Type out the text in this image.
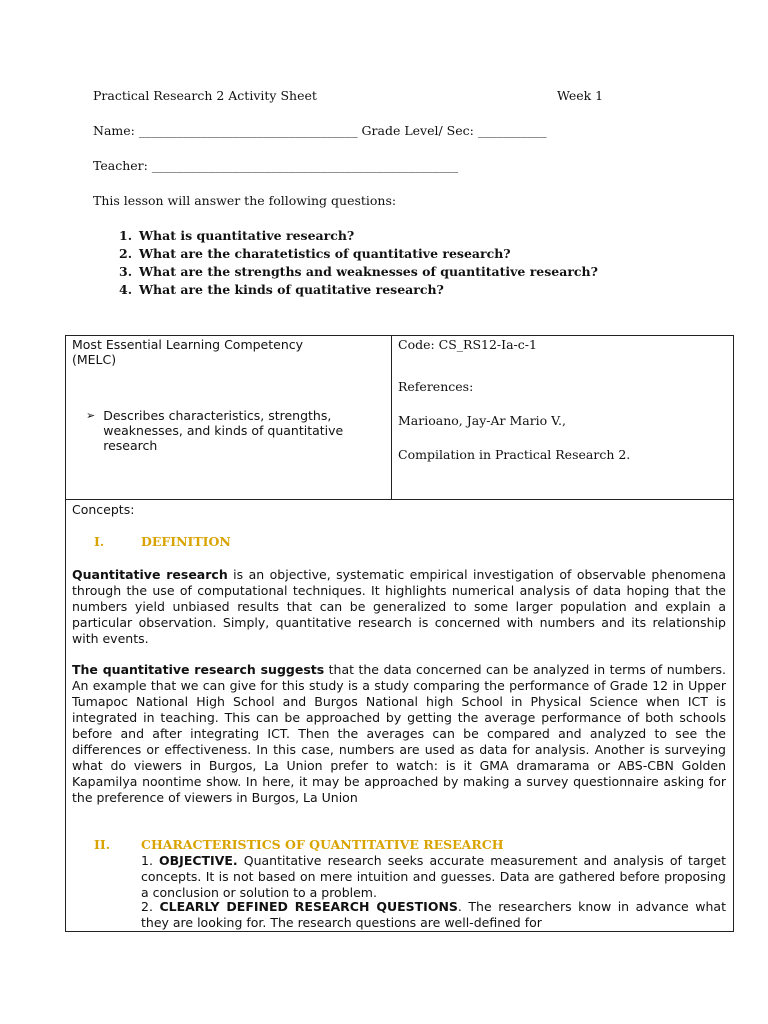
Practical Research 2 Activity Sheet	Week 1
Name: ___________________________________ Grade Level/ Sec: ___________
Teacher: _________________________________________________
This lesson will answer the following questions:
1. What is quantitative research?
2. What are the charatetistics of quantitative research?
3. What are the strengths and weaknesses of quantitative research?
4. What are the kinds of quatitative research?
Most Essential Learning Competency
(MELC)
➢ Describes characteristics, strengths, weaknesses, and kinds of quantitative research

Code: CS_RS12-Ia-c-1
References:
Marioano, Jay-Ar Mario V.,
Compilation in Practical Research 2.
Concepts:
I.	DEFINITION
Quantitative research is an objective, systematic empirical investigation of observable phenomena through the use of computational techniques. It highlights numerical analysis of data hoping that the numbers yield unbiased results that can be generalized to some larger population and explain a particular observation. Simply, quantitative research is concerned with numbers and its relationship with events.
The quantitative research suggests that the data concerned can be analyzed in terms of numbers. An example that we can give for this study is a study comparing the performance of Grade 12 in Upper Tumapoc National High School and Burgos National high School in Physical Science when ICT is integrated in teaching. This can be approached by getting the average performance of both schools before and after integrating ICT. Then the averages can be compared and analyzed to see the differences or effectiveness. In this case, numbers are used as data for analysis. Another is surveying what do viewers in Burgos, La Union prefer to watch: is it GMA dramarama or ABS-CBN Golden Kapamilya noontime show. In here, it may be approached by making a survey questionnaire asking for the preference of viewers in Burgos, La Union
II. CHARACTERISTICS OF QUANTITATIVE RESEARCH
1. OBJECTIVE. Quantitative research seeks accurate measurement and analysis of target concepts. It is not based on mere intuition and guesses. Data are gathered before proposing a conclusion or solution to a problem.
2. CLEARLY DEFINED RESEARCH QUESTIONS. The researchers know in advance what they are looking for. The research questions are well-defined for
